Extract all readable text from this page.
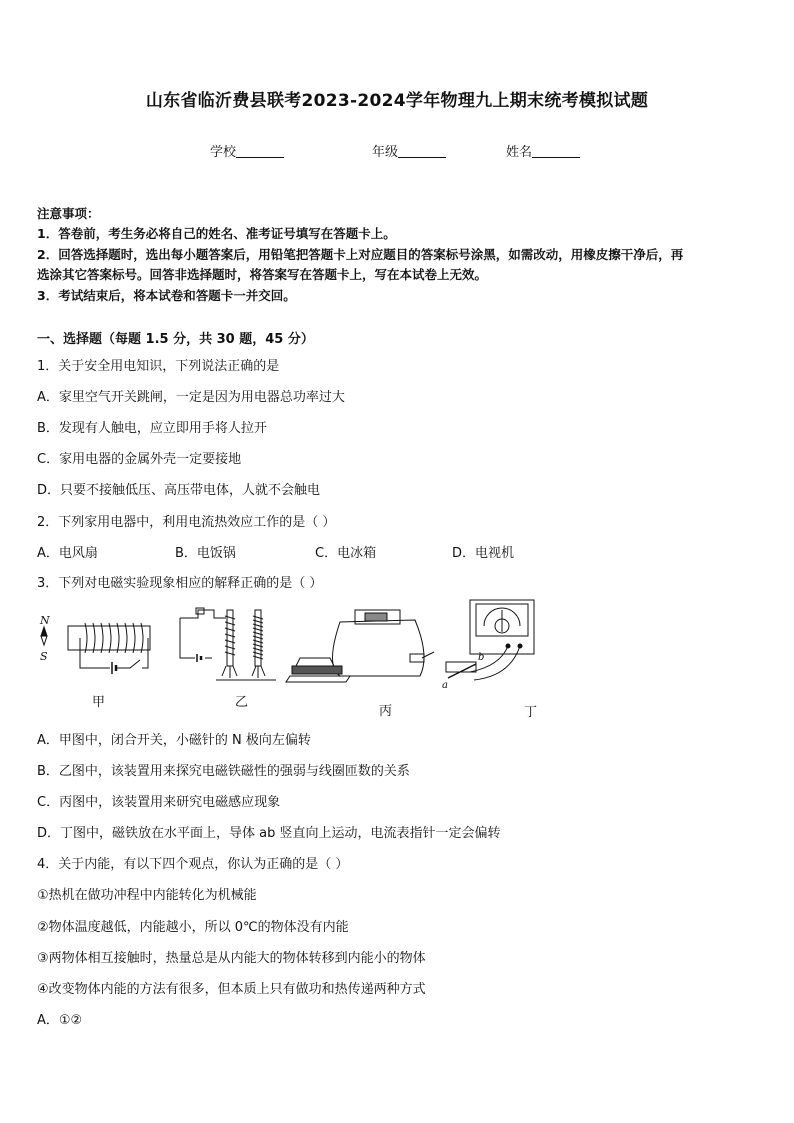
山东省临沂费县联考2023-2024学年物理九上期末统考模拟试题
学校	年级	姓名
注意事项：
1．答卷前，考生务必将自己的姓名、准考证号填写在答题卡上。
2．回答选择题时，选出每小题答案后，用铅笔把答题卡上对应题目的答案标号涂黑，如需改动，用橡皮擦干净后，再
选涂其它答案标号。回答非选择题时，将答案写在答题卡上，写在本试卷上无效。
3．考试结束后，将本试卷和答题卡一并交回。
一、选择题（每题 1.5 分，共 30 题，45 分）
1．关于安全用电知识，下列说法正确的是
A．家里空气开关跳闸，一定是因为用电器总功率过大
B．发现有人触电，应立即用手将人拉开
C．家用电器的金属外壳一定要接地
D．只要不接触低压、高压带电体，人就不会触电
2．下列家用电器中，利用电流热效应工作的是（ ）
A．电风扇	B．电饭锅	C．电冰箱	D．电视机
3．下列对电磁实验现象相应的解释正确的是（ ）
N
S
甲	乙
丙
b
a
丁
A．甲图中，闭合开关，小磁针的 N 极向左偏转
B．乙图中，该装置用来探究电磁铁磁性的强弱与线圈匝数的关系
C．丙图中，该装置用来研究电磁感应现象
D．丁图中，磁铁放在水平面上，导体 ab 竖直向上运动，电流表指针一定会偏转
4．关于内能，有以下四个观点，你认为正确的是（ ）
①热机在做功冲程中内能转化为机械能
②物体温度越低，内能越小，所以 0℃的物体没有内能
③两物体相互接触时，热量总是从内能大的物体转移到内能小的物体
④改变物体内能的方法有很多，但本质上只有做功和热传递两种方式
A．①②
